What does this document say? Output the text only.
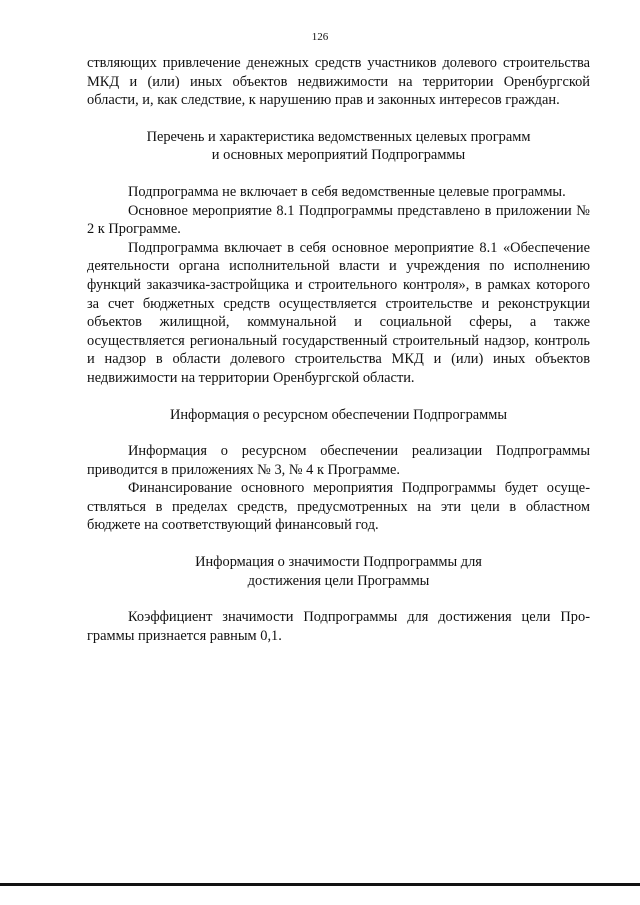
126

ствляющих привлечение денежных средств участников долевого строительства МКД и (или) иных объектов недвижимости на территории Оренбургской области, и, как следствие, к нарушению прав и законных интересов граждан.

Перечень и характеристика ведомственных целевых программ
и основных мероприятий Подпрограммы

Подпрограмма не включает в себя ведомственные целевые программы.

Основное мероприятие 8.1 Подпрограммы представлено в приложении № 2 к Программе.

Подпрограмма включает в себя основное мероприятие 8.1 «Обеспечение деятельности органа исполнительной власти и учреждения по исполнению функций заказчика-застройщика и строительного контроля», в рамках которого за счет бюджетных средств осуществляется строительстве и реконструкции объектов жилищной, коммунальной и социальной сферы, а также осуществляется региональный государственный строительный надзор, контроль и надзор в области долевого строительства МКД и (или) иных объектов недвижимости на территории Оренбургской области.

Информация о ресурсном обеспечении Подпрограммы

Информация о ресурсном обеспечении реализации Подпрограммы приводится в приложениях № 3, № 4 к Программе.

Финансирование основного мероприятия Подпрограммы будет осуществляться в пределах средств, предусмотренных на эти цели в областном бюджете на соответствующий финансовый год.

Информация о значимости Подпрограммы для
достижения цели Программы

Коэффициент значимости Подпрограммы для достижения цели Программы признается равным 0,1.
